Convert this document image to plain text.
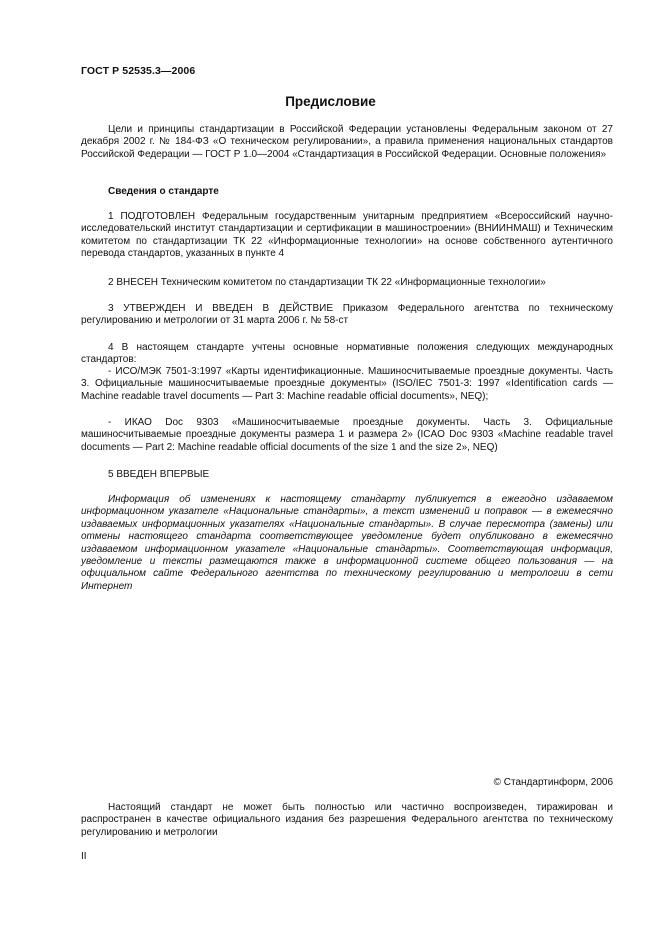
ГОСТ Р 52535.3—2006
Предисловие

Цели и принципы стандартизации в Российской Федерации установлены Федеральным законом от 27 декабря 2002 г. № 184-ФЗ «О техническом регулировании», а правила применения национальных стандартов Российской Федерации — ГОСТ Р 1.0—2004 «Стандартизация в Российской Федерации. Основные положения»

Сведения о стандарте

1 ПОДГОТОВЛЕН Федеральным государственным унитарным предприятием «Всероссийский научно-исследовательский институт стандартизации и сертификации в машиностроении» (ВНИИНМАШ) и Техническим комитетом по стандартизации ТК 22 «Информационные технологии» на основе собственного аутентичного перевода стандартов, указанных в пункте 4

2 ВНЕСЕН Техническим комитетом по стандартизации ТК 22 «Информационные технологии»

3 УТВЕРЖДЕН И ВВЕДЕН В ДЕЙСТВИЕ Приказом Федерального агентства по техническому регулированию и метрологии от 31 марта 2006 г. № 58-ст

4 В настоящем стандарте учтены основные нормативные положения следующих международных стандартов:

- ИСО/МЭК 7501-3:1997 «Карты идентификационные. Машиносчитываемые проездные документы. Часть 3. Официальные машиносчитываемые проездные документы» (ISO/IEC 7501-3: 1997 «Identification cards — Machine readable travel documents — Part 3: Machine readable official documents», NEQ);

- ИКАО Doc 9303 «Машиносчитываемые проездные документы. Часть 3. Официальные машиносчитываемые проездные документы размера 1 и размера 2» (ICAO Doc 9303 «Machine readable travel documents — Part 2: Machine readable official documents of the size 1 and the size 2», NEQ)

5 ВВЕДЕН ВПЕРВЫЕ

Информация об изменениях к настоящему стандарту публикуется в ежегодно издаваемом информационном указателе «Национальные стандарты», а текст изменений и поправок — в ежемесячно издаваемых информационных указателях «Национальные стандарты». В случае пересмотра (замены) или отмены настоящего стандарта соответствующее уведомление будет опубликовано в ежемесячно издаваемом информационном указателе «Национальные стандарты». Соответствующая информация, уведомление и тексты размещаются также в информационной системе общего пользования — на официальном сайте Федерального агентства по техническому регулированию и метрологии в сети Интернет

© Стандартинформ, 2006

Настоящий стандарт не может быть полностью или частично воспроизведен, тиражирован и распространен в качестве официального издания без разрешения Федерального агентства по техническому регулированию и метрологии

II
